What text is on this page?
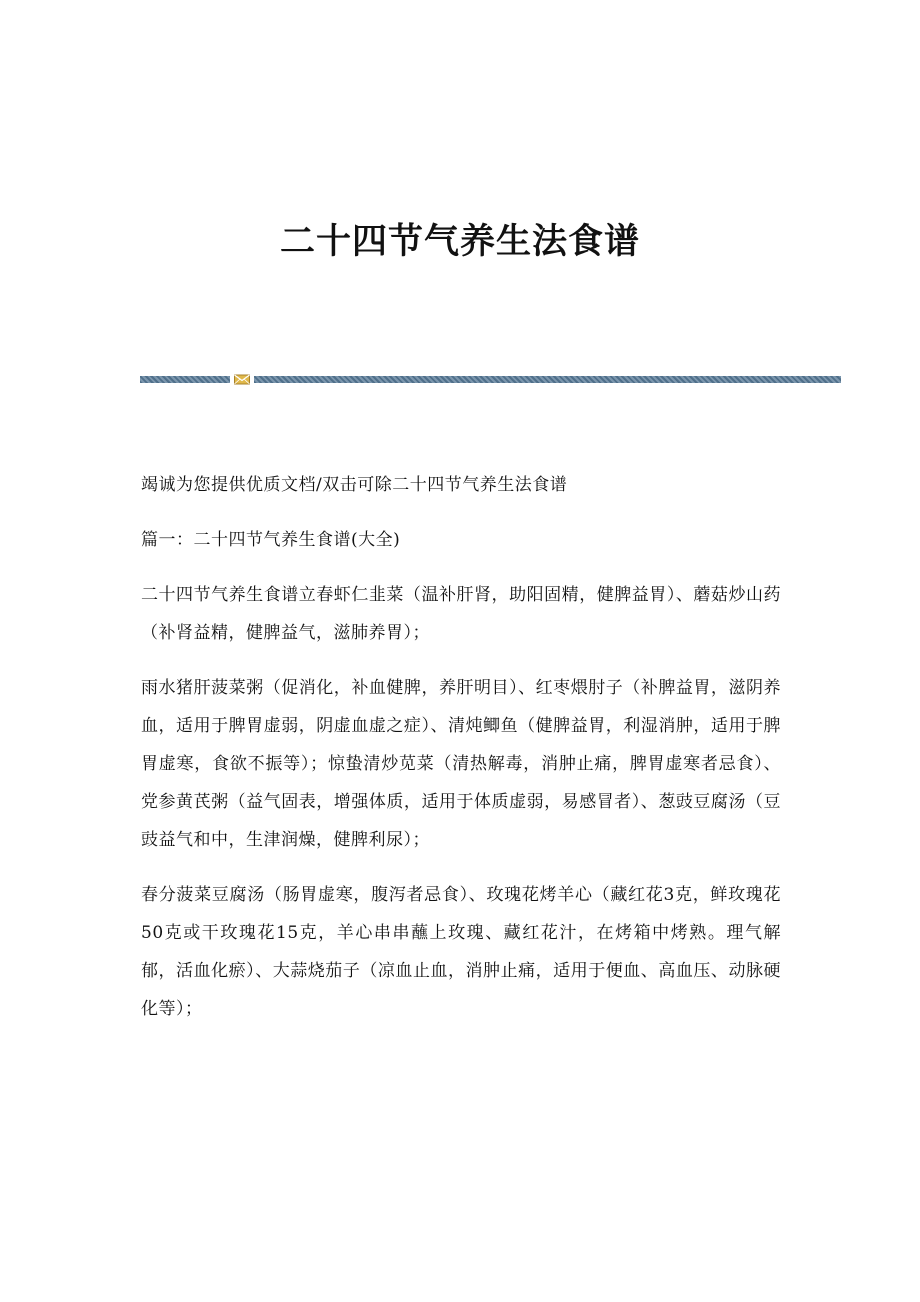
二十四节气养生法食谱

竭诚为您提供优质文档/双击可除二十四节气养生法食谱

篇一：二十四节气养生食谱(大全)

二十四节气养生食谱立春虾仁韭菜（温补肝肾，助阳固精，健脾益胃）、蘑菇炒山药（补肾益精，健脾益气，滋肺养胃）；

雨水猪肝菠菜粥（促消化，补血健脾，养肝明目）、红枣煨肘子（补脾益胃，滋阴养血，适用于脾胃虚弱，阴虚血虚之症）、清炖鲫鱼（健脾益胃，利湿消肿，适用于脾胃虚寒，食欲不振等）；惊蛰清炒苋菜（清热解毒，消肿止痛，脾胃虚寒者忌食）、党参黄芪粥（益气固表，增强体质，适用于体质虚弱，易感冒者）、葱豉豆腐汤（豆豉益气和中，生津润燥，健脾利尿）；

春分菠菜豆腐汤（肠胃虚寒，腹泻者忌食）、玫瑰花烤羊心（藏红花3克，鲜玫瑰花50克或干玫瑰花15克，羊心串串蘸上玫瑰、藏红花汁，在烤箱中烤熟。理气解郁，活血化瘀）、大蒜烧茄子（凉血止血，消肿止痛，适用于便血、高血压、动脉硬化等）；
